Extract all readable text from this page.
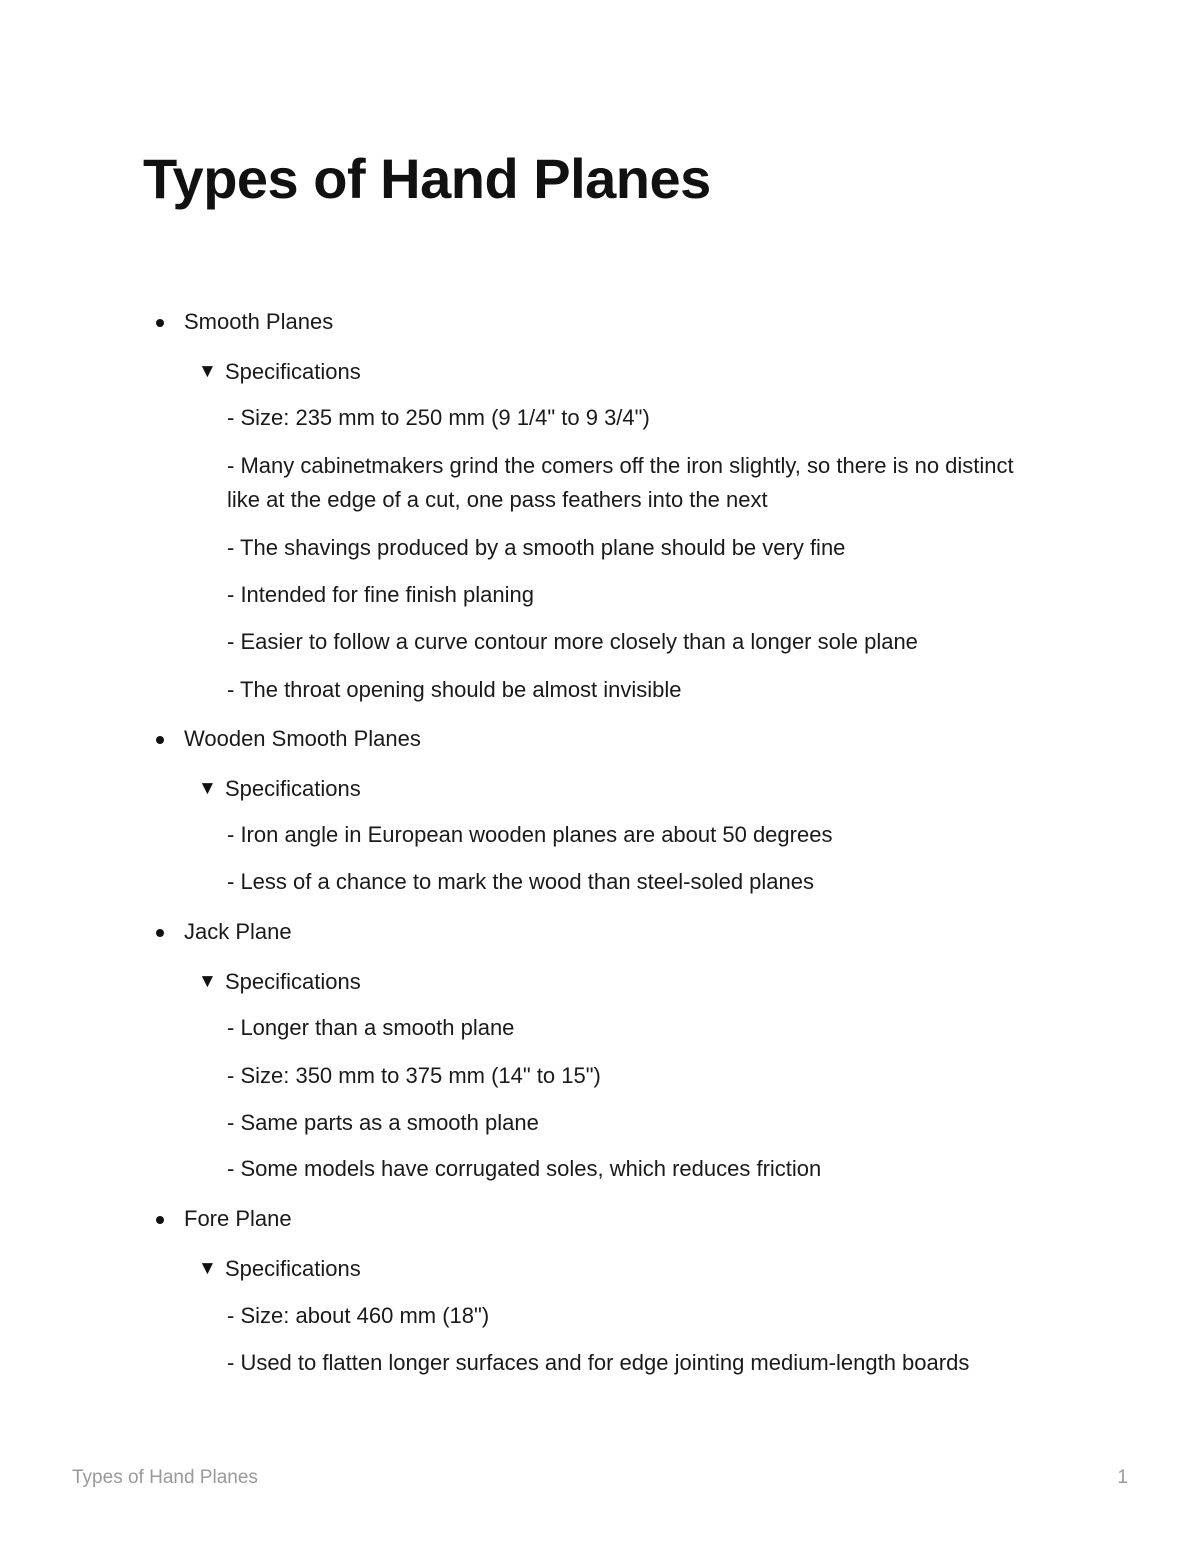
Types of Hand Planes
Smooth Planes
▼ Specifications

- Size: 235 mm to 250 mm (9 1/4" to 9 3/4")

- Many cabinetmakers grind the comers off the iron slightly, so there is no distinct like at the edge of a cut, one pass feathers into the next

- The shavings produced by a smooth plane should be very fine

- Intended for fine finish planing

- Easier to follow a curve contour more closely than a longer sole plane

- The throat opening should be almost invisible

Wooden Smooth Planes
▼ Specifications

- Iron angle in European wooden planes are about 50 degrees

- Less of a chance to mark the wood than steel-soled planes

Jack Plane
▼ Specifications

- Longer than a smooth plane

- Size: 350 mm to 375 mm (14" to 15")

- Same parts as a smooth plane

- Some models have corrugated soles, which reduces friction

Fore Plane
▼ Specifications

- Size: about 460 mm (18")

- Used to flatten longer surfaces and for edge jointing medium-length boards

Types of Hand Planes	1
